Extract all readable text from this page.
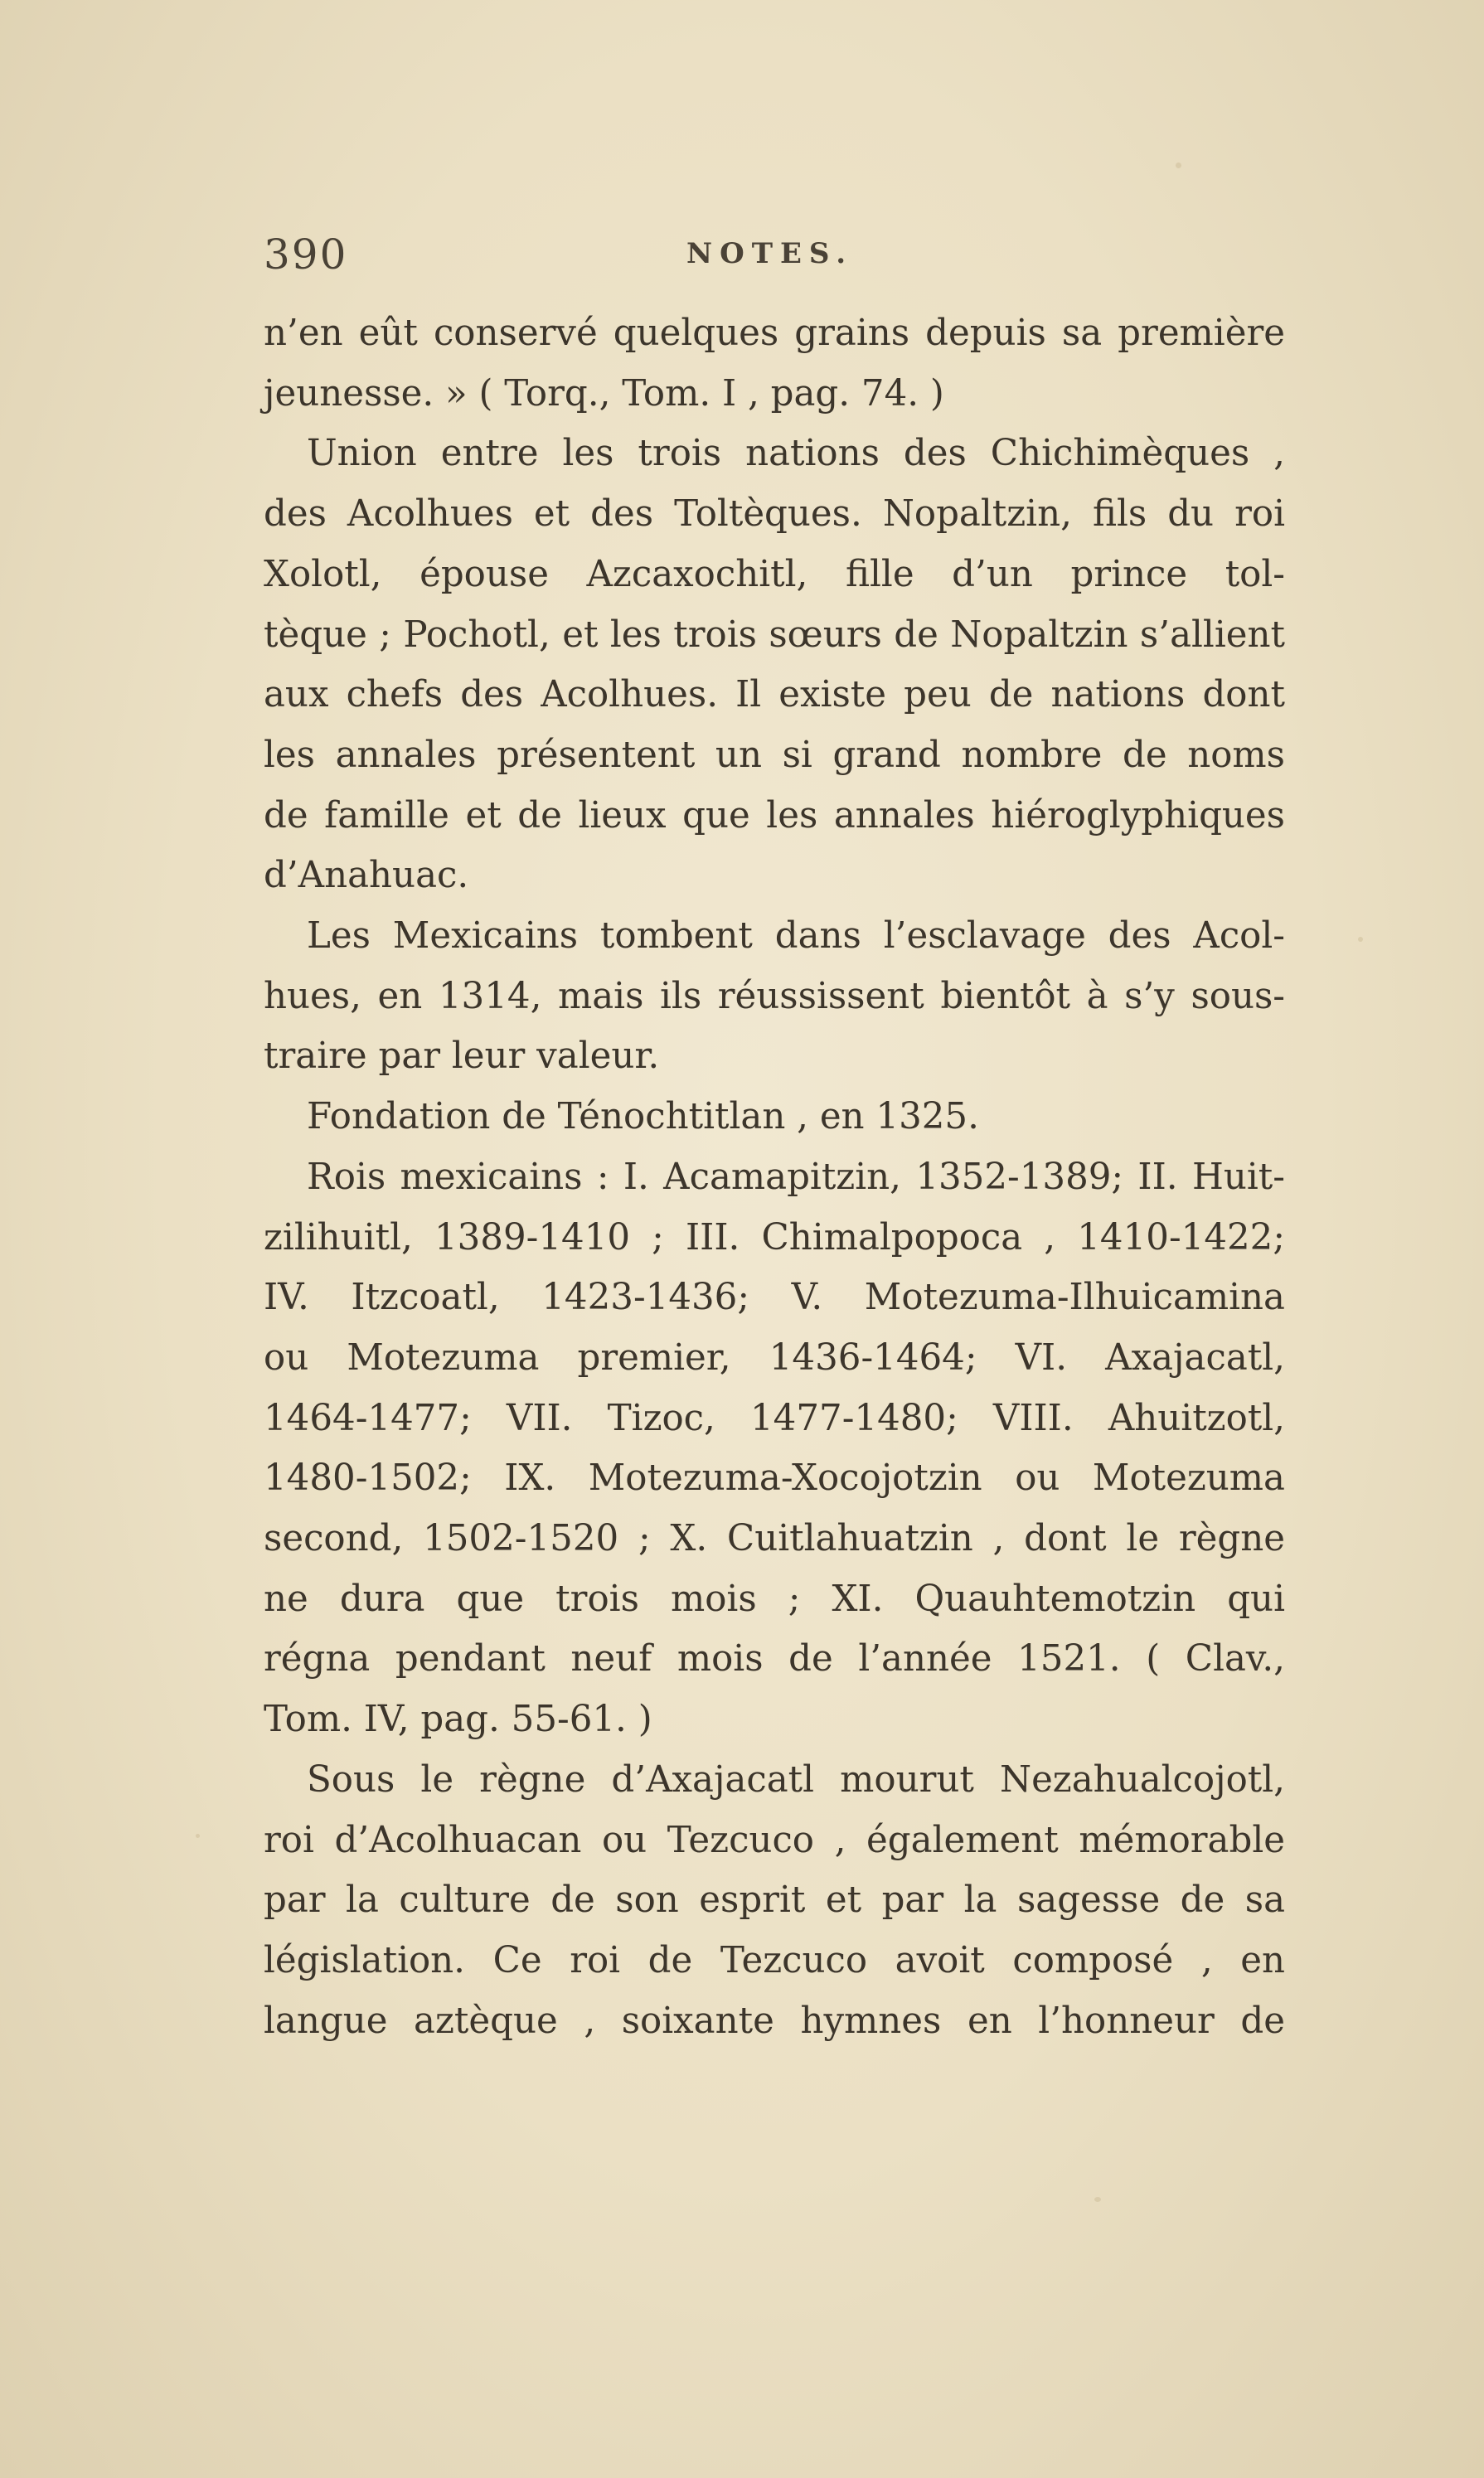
390	NOTES.

n’en eût conservé quelques grains depuis sa première
jeunesse. » ( Torq., Tom. I , pag. 74. )

Union entre les trois nations des Chichimèques ,
des Acolhues et des Toltèques. Nopaltzin, fils du roi
Xolotl, épouse Azcaxochitl, fille d’un prince tol-
tèque ; Pochotl, et les trois sœurs de Nopaltzin s’allient
aux chefs des Acolhues. Il existe peu de nations dont
les annales présentent un si grand nombre de noms
de famille et de lieux que les annales hiéroglyphiques
d’Anahuac.

Les Mexicains tombent dans l’esclavage des Acol-
hues, en 1314, mais ils réussissent bientôt à s’y sous-
traire par leur valeur.

Fondation de Ténochtitlan , en 1325.

Rois mexicains : I. Acamapitzin, 1352-1389; II. Huit-
zilihuitl, 1389-1410 ; III. Chimalpopoca , 1410-1422;
IV. Itzcoatl, 1423-1436; V. Motezuma-Ilhuicamina
ou Motezuma premier, 1436-1464; VI. Axajacatl,
1464-1477; VII. Tizoc, 1477-1480; VIII. Ahuitzotl,
1480-1502; IX. Motezuma-Xocojotzin ou Motezuma
second, 1502-1520 ; X. Cuitlahuatzin , dont le règne
ne dura que trois mois ; XI. Quauhtemotzin qui
régna pendant neuf mois de l’année 1521. ( Clav.,
Tom. IV, pag. 55-61. )

Sous le règne d’Axajacatl mourut Nezahualcojotl,
roi d’Acolhuacan ou Tezcuco , également mémorable
par la culture de son esprit et par la sagesse de sa
législation. Ce roi de Tezcuco avoit composé , en
langue aztèque , soixante hymnes en l’honneur de
